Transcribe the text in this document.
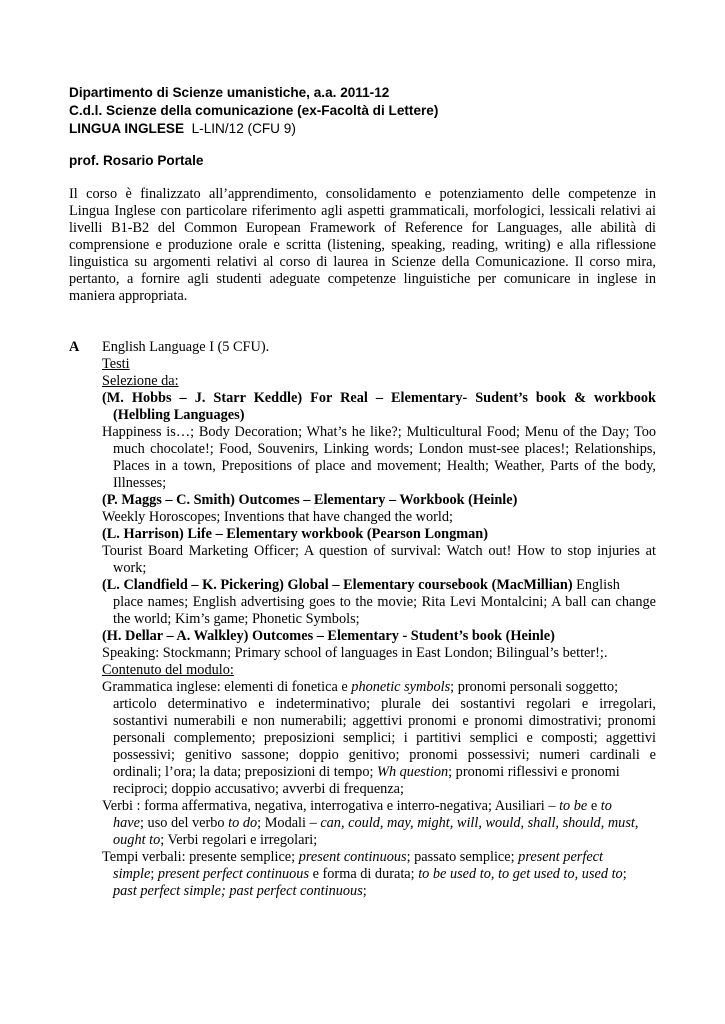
Dipartimento di Scienze umanistiche, a.a. 2011-12
C.d.l. Scienze della comunicazione (ex-Facoltà di Lettere)
LINGUA INGLESE L-LIN/12 (CFU 9)
prof. Rosario Portale
Il corso è finalizzato all’apprendimento, consolidamento e potenziamento delle competenze in
Lingua Inglese con particolare riferimento agli aspetti grammaticali, morfologici, lessicali relativi ai
livelli B1-B2 del Common European Framework of Reference for Languages, alle abilità di
comprensione e produzione orale e scritta (listening, speaking, reading, writing) e alla riflessione
linguistica su argomenti relativi al corso di laurea in Scienze della Comunicazione. Il corso mira,
pertanto, a fornire agli studenti adeguate competenze linguistiche per comunicare in inglese in
maniera appropriata.
A English Language I (5 CFU).
Testi
Selezione da:
(M. Hobbs – J. Starr Keddle) For Real – Elementary- Sudent’s book & workbook
(Helbling Languages)
Happiness is…; Body Decoration; What’s he like?; Multicultural Food; Menu of the Day; Too
much chocolate!; Food, Souvenirs, Linking words; London must-see places!; Relationships,
Places in a town, Prepositions of place and movement; Health; Weather, Parts of the body,
Illnesses;
(P. Maggs – C. Smith) Outcomes – Elementary – Workbook (Heinle)
Weekly Horoscopes; Inventions that have changed the world;
(L. Harrison) Life – Elementary workbook (Pearson Longman)
Tourist Board Marketing Officer; A question of survival: Watch out! How to stop injuries at
work;
(L. Clandfield – K. Pickering) Global – Elementary coursebook (MacMillian) English
place names; English advertising goes to the movie; Rita Levi Montalcini; A ball can change
the world; Kim’s game; Phonetic Symbols;
(H. Dellar – A. Walkley) Outcomes – Elementary - Student’s book (Heinle)
Speaking: Stockmann; Primary school of languages in East London; Bilingual’s better!;.
Contenuto del modulo:
Grammatica inglese: elementi di fonetica e phonetic symbols; pronomi personali soggetto;
articolo determinativo e indeterminativo; plurale dei sostantivi regolari e irregolari,
sostantivi numerabili e non numerabili; aggettivi pronomi e pronomi dimostrativi; pronomi
personali complemento; preposizioni semplici; i partitivi semplici e composti; aggettivi
possessivi; genitivo sassone; doppio genitivo; pronomi possessivi; numeri cardinali e
ordinali; l’ora; la data; preposizioni di tempo; Wh question; pronomi riflessivi e pronomi
reciproci; doppio accusativo; avverbi di frequenza;
Verbi : forma affermativa, negativa, interrogativa e interro-negativa; Ausiliari – to be e to
have; uso del verbo to do; Modali – can, could, may, might, will, would, shall, should, must,
ought to; Verbi regolari e irregolari;
Tempi verbali: presente semplice; present continuous; passato semplice; present perfect
simple; present perfect continuous e forma di durata; to be used to, to get used to, used to;
past perfect simple; past perfect continuous;
